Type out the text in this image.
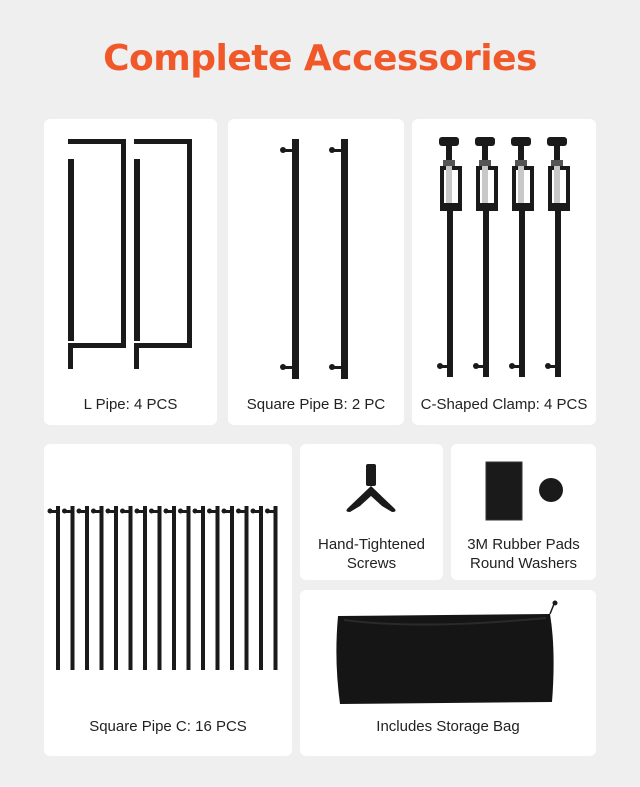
Complete Accessories
L Pipe: 4 PCS	Square Pipe B: 2 PC	C-Shaped Clamp: 4 PCS
Square Pipe C: 16 PCS
Hand-Tightened
Screws
3M Rubber Pads
Round Washers
Includes Storage Bag
